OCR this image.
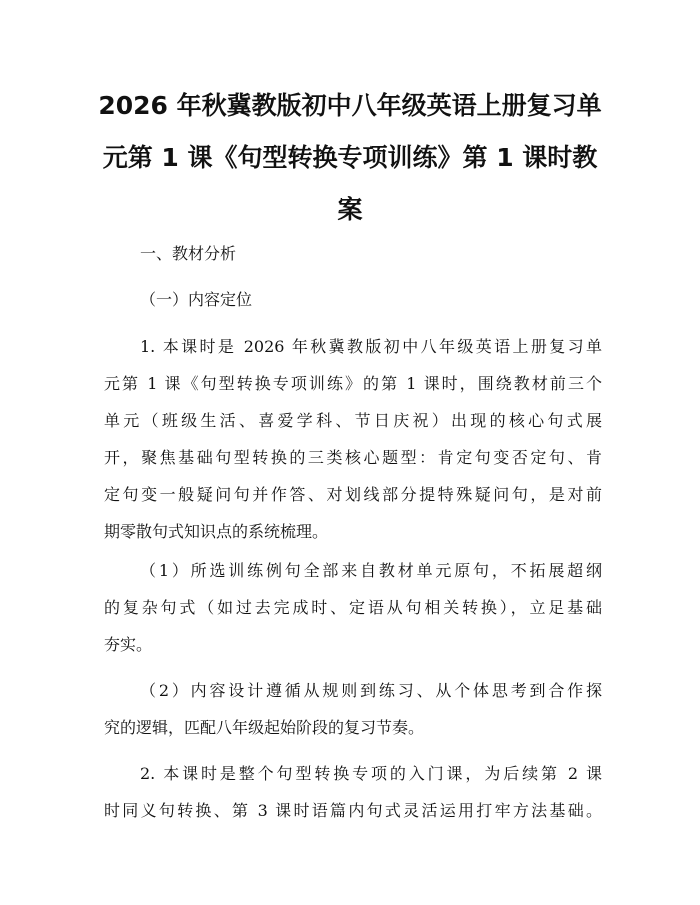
2026 年秋冀教版初中八年级英语上册复习单
元第 1 课《句型转换专项训练》第 1 课时教
案

一、教材分析

（一）内容定位

1. 本课时是 2026 年秋冀教版初中八年级英语上册复习单
元第 1 课《句型转换专项训练》的第 1 课时，围绕教材前三个
单元（班级生活、喜爱学科、节日庆祝）出现的核心句式展
开，聚焦基础句型转换的三类核心题型：肯定句变否定句、肯
定句变一般疑问句并作答、对划线部分提特殊疑问句，是对前
期零散句式知识点的系统梳理。
（1）所选训练例句全部来自教材单元原句，不拓展超纲
的复杂句式（如过去完成时、定语从句相关转换），立足基础
夯实。
（2）内容设计遵循从规则到练习、从个体思考到合作探
究的逻辑，匹配八年级起始阶段的复习节奏。
2. 本课时是整个句型转换专项的入门课，为后续第 2 课
时同义句转换、第 3 课时语篇内句式灵活运用打牢方法基础。
